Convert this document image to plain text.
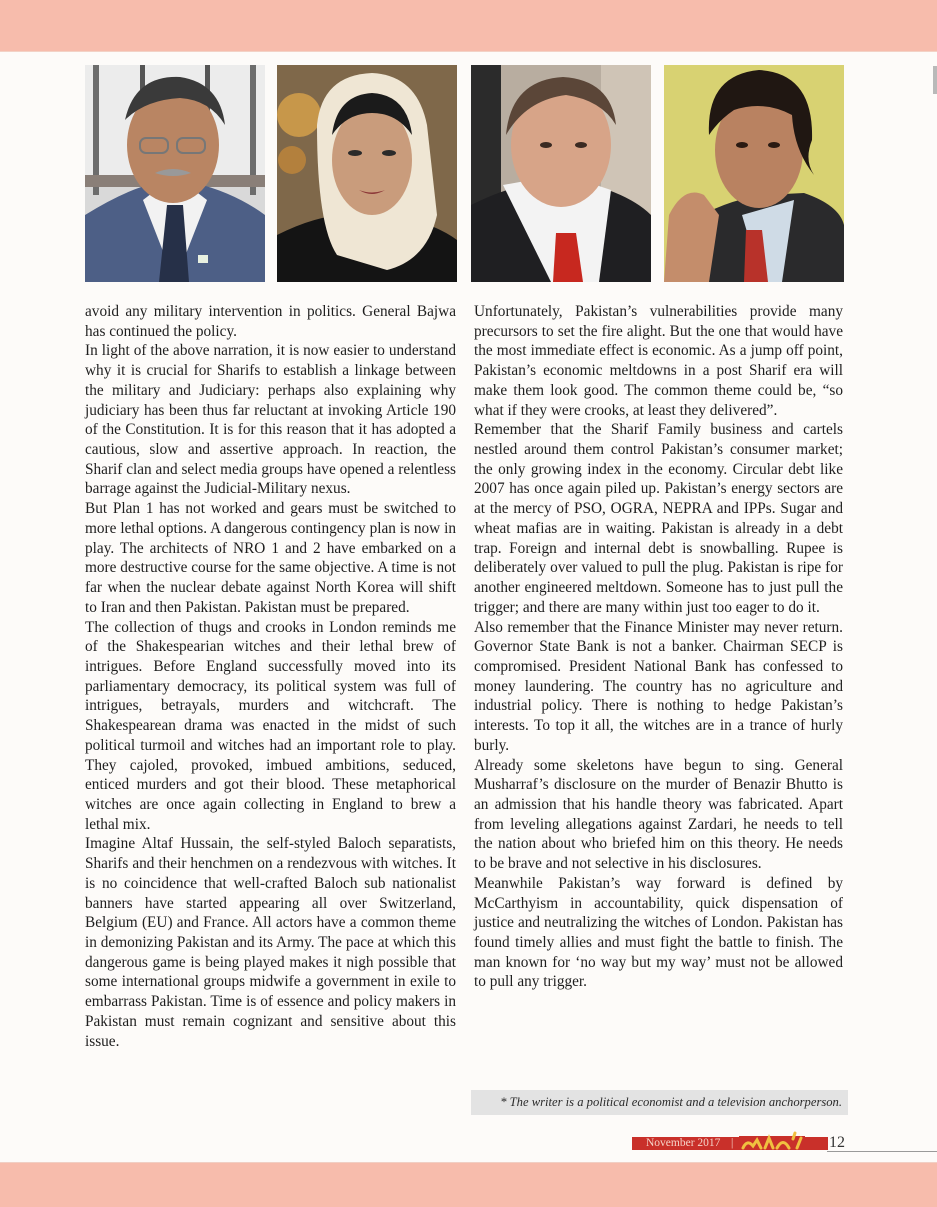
avoid any military intervention in politics. General Bajwa has continued the policy.

In light of the above narration, it is now easier to understand why it is crucial for Sharifs to establish a linkage between the military and Judiciary: perhaps also explaining why judiciary has been thus far reluctant at invoking Article 190 of the Constitution. It is for this reason that it has adopted a cautious, slow and assertive approach. In reaction, the Sharif clan and select media groups have opened a relentless barrage against the Judicial-Military nexus.

But Plan 1 has not worked and gears must be switched to more lethal options. A dangerous contingency plan is now in play. The architects of NRO 1 and 2 have embarked on a more destructive course for the same objective. A time is not far when the nuclear debate against North Korea will shift to Iran and then Pakistan. Pakistan must be prepared.

The collection of thugs and crooks in London reminds me of the Shakespearian witches and their lethal brew of intrigues. Before England successfully moved into its parliamentary democracy, its political system was full of intrigues, betrayals, murders and witchcraft. The Shakespearean drama was enacted in the midst of such political turmoil and witches had an important role to play. They cajoled, provoked, imbued ambitions, seduced, enticed murders and got their blood. These metaphorical witches are once again collecting in England to brew a lethal mix.

Imagine Altaf Hussain, the self-styled Baloch separatists, Sharifs and their henchmen on a rendezvous with witches. It is no coincidence that well-crafted Baloch sub nationalist banners have started appearing all over Switzerland, Belgium (EU) and France. All actors have a common theme in demonizing Pakistan and its Army. The pace at which this dangerous game is being played makes it nigh possible that some international groups midwife a government in exile to embarrass Pakistan. Time is of essence and policy makers in Pakistan must remain cognizant and sensitive about this issue.

Unfortunately, Pakistan’s vulnerabilities provide many precursors to set the fire alight. But the one that would have the most immediate effect is economic. As a jump off point, Pakistan’s economic meltdowns in a post Sharif era will make them look good. The common theme could be, “so what if they were crooks, at least they delivered”.

Remember that the Sharif Family business and cartels nestled around them control Pakistan’s consumer market; the only growing index in the economy. Circular debt like 2007 has once again piled up. Pakistan’s energy sectors are at the mercy of PSO, OGRA, NEPRA and IPPs. Sugar and wheat mafias are in waiting. Pakistan is already in a debt trap. Foreign and internal debt is snowballing. Rupee is deliberately over valued to pull the plug. Pakistan is ripe for another engineered meltdown. Someone has to just pull the trigger; and there are many within just too eager to do it.

Also remember that the Finance Minister may never return. Governor State Bank is not a banker. Chairman SECP is compromised. President National Bank has confessed to money laundering. The country has no agriculture and industrial policy. There is nothing to hedge Pakistan’s interests. To top it all, the witches are in a trance of hurly burly.

Already some skeletons have begun to sing. General Musharraf’s disclosure on the murder of Benazir Bhutto is an admission that his handle theory was fabricated. Apart from leveling allegations against Zardari, he needs to tell the nation about who briefed him on this theory. He needs to be brave and not selective in his disclosures.

Meanwhile Pakistan’s way forward is defined by McCarthyism in accountability, quick dispensation of justice and neutralizing the witches of London. Pakistan has found timely allies and must fight the battle to finish. The man known for ‘no way but my way’ must not be allowed to pull any trigger.

* The writer is a political economist and a television anchorperson.
November 2017 |	12
